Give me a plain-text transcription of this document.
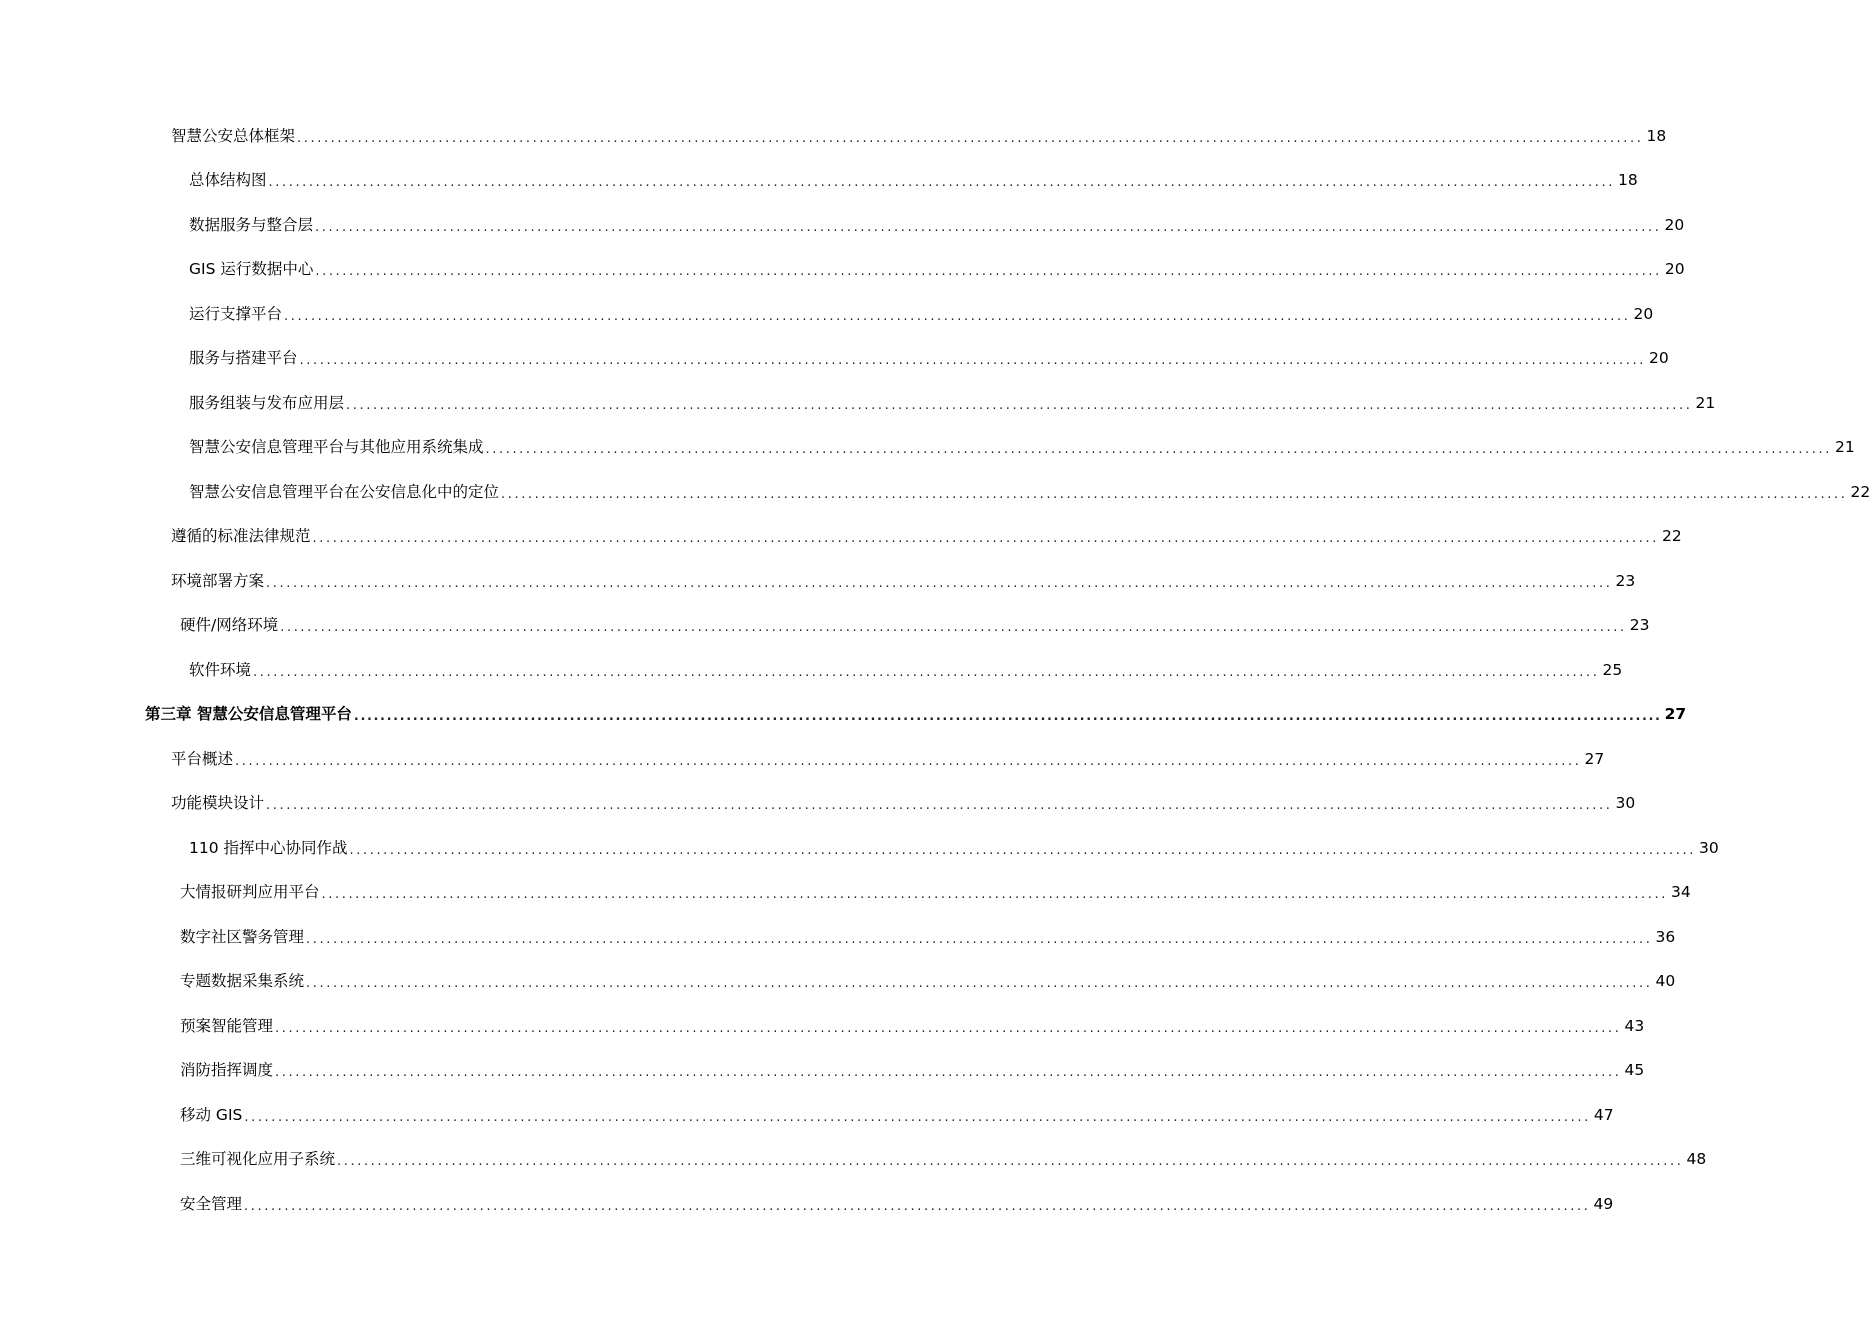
智慧公安总体框架 ........................................................................................................................................................................................................ 18
总体结构图 ........................................................................................................................................................................................................ 18
数据服务与整合层 ........................................................................................................................................................................................................ 20
GIS 运行数据中心 ........................................................................................................................................................................................................ 20
运行支撑平台 ........................................................................................................................................................................................................ 20
服务与搭建平台 ........................................................................................................................................................................................................ 20
服务组装与发布应用层 ........................................................................................................................................................................................................ 21
智慧公安信息管理平台与其他应用系统集成 ........................................................................................................................................................................................................ 21
智慧公安信息管理平台在公安信息化中的定位 ........................................................................................................................................................................................................ 22
遵循的标准法律规范 ........................................................................................................................................................................................................ 22
环境部署方案 ........................................................................................................................................................................................................ 23
硬件/网络环境 ........................................................................................................................................................................................................ 23
软件环境 ........................................................................................................................................................................................................ 25
第三章 智慧公安信息管理平台 ........................................................................................................................................................................................................ 27
平台概述 ........................................................................................................................................................................................................ 27
功能模块设计 ........................................................................................................................................................................................................ 30
110 指挥中心协同作战 ........................................................................................................................................................................................................ 30
大情报研判应用平台 ........................................................................................................................................................................................................ 34
数字社区警务管理 ........................................................................................................................................................................................................ 36
专题数据采集系统 ........................................................................................................................................................................................................ 40
预案智能管理 ........................................................................................................................................................................................................ 43
消防指挥调度 ........................................................................................................................................................................................................ 45
移动 GIS ........................................................................................................................................................................................................ 47
三维可视化应用子系统 ........................................................................................................................................................................................................ 48
安全管理 ........................................................................................................................................................................................................ 49
